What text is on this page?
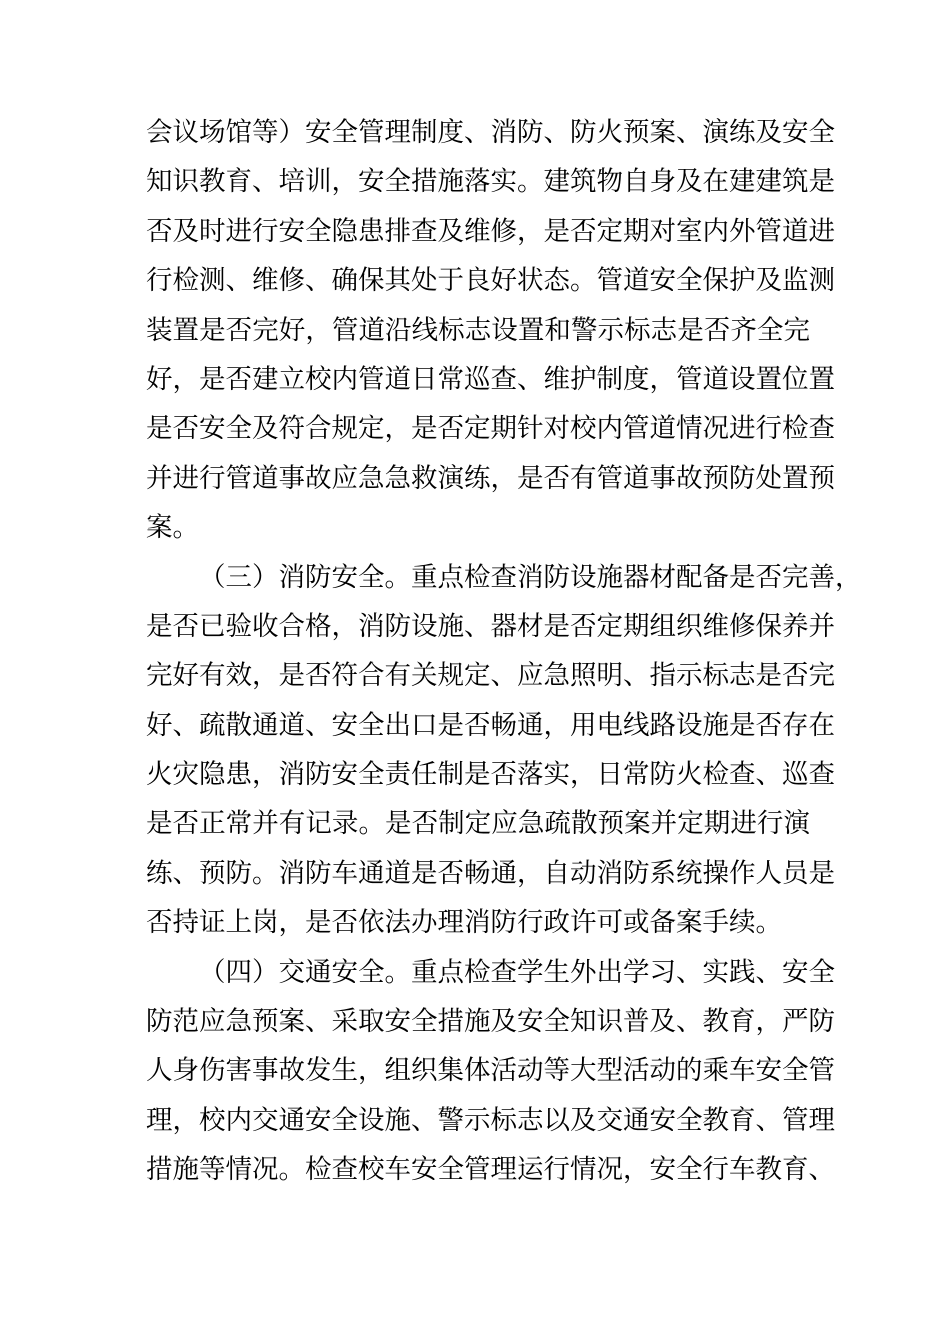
会议场馆等）安全管理制度、消防、防火预案、演练及安全
知识教育、培训，安全措施落实。建筑物自身及在建建筑是
否及时进行安全隐患排查及维修，是否定期对室内外管道进
行检测、维修、确保其处于良好状态。管道安全保护及监测
装置是否完好，管道沿线标志设置和警示标志是否齐全完
好，是否建立校内管道日常巡查、维护制度，管道设置位置
是否安全及符合规定，是否定期针对校内管道情况进行检查
并进行管道事故应急急救演练，是否有管道事故预防处置预
案。
（三）消防安全。重点检查消防设施器材配备是否完善，
是否已验收合格，消防设施、器材是否定期组织维修保养并
完好有效，是否符合有关规定、应急照明、指示标志是否完
好、疏散通道、安全出口是否畅通，用电线路设施是否存在
火灾隐患，消防安全责任制是否落实，日常防火检查、巡查
是否正常并有记录。是否制定应急疏散预案并定期进行演
练、预防。消防车通道是否畅通，自动消防系统操作人员是
否持证上岗，是否依法办理消防行政许可或备案手续。
（四）交通安全。重点检查学生外出学习、实践、安全
防范应急预案、采取安全措施及安全知识普及、教育，严防
人身伤害事故发生，组织集体活动等大型活动的乘车安全管
理，校内交通安全设施、警示标志以及交通安全教育、管理
措施等情况。检查校车安全管理运行情况，安全行车教育、
